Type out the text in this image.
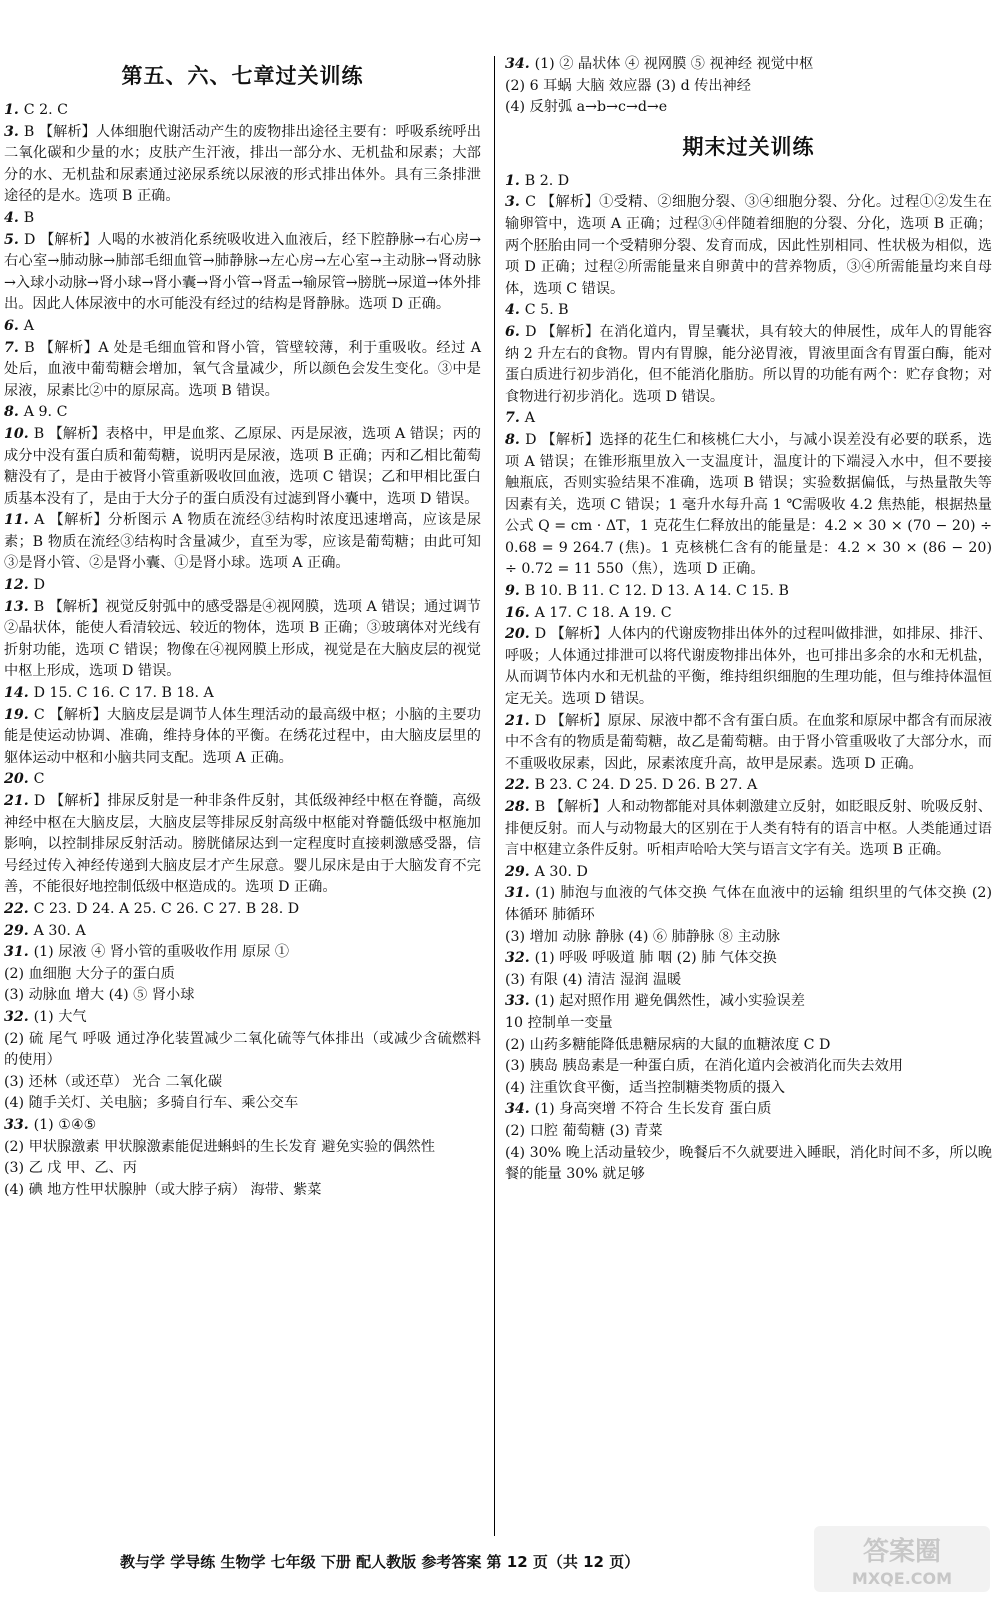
第五、六、七章过关训练

1. C 2. C

3. B 【解析】人体细胞代谢活动产生的废物排出途径主要有：呼吸系统呼出二氧化碳和少量的水；皮肤产生汗液，排出一部分水、无机盐和尿素；大部分的水、无机盐和尿素通过泌尿系统以尿液的形式排出体外。具有三条排泄途径的是水。选项 B 正确。

4. B

5. D 【解析】人喝的水被消化系统吸收进入血液后，经下腔静脉→右心房→右心室→肺动脉→肺部毛细血管→肺静脉→左心房→左心室→主动脉→肾动脉→入球小动脉→肾小球→肾小囊→肾小管→肾盂→输尿管→膀胱→尿道→体外排出。因此人体尿液中的水可能没有经过的结构是肾静脉。选项 D 正确。

6. A

7. B 【解析】A 处是毛细血管和肾小管，管壁较薄，利于重吸收。经过 A 处后，血液中葡萄糖会增加，氧气含量减少，所以颜色会发生变化。③中是尿液，尿素比②中的原尿高。选项 B 错误。

8. A 9. C

10. B 【解析】表格中，甲是血浆、乙原尿、丙是尿液，选项 A 错误；丙的成分中没有蛋白质和葡萄糖，说明丙是尿液，选项 B 正确；丙和乙相比葡萄糖没有了，是由于被肾小管重新吸收回血液，选项 C 错误；乙和甲相比蛋白质基本没有了，是由于大分子的蛋白质没有过滤到肾小囊中，选项 D 错误。

11. A 【解析】分析图示 A 物质在流经③结构时浓度迅速增高，应该是尿素；B 物质在流经③结构时含量减少，直至为零，应该是葡萄糖；由此可知③是肾小管、②是肾小囊、①是肾小球。选项 A 正确。

12. D

13. B 【解析】视觉反射弧中的感受器是④视网膜，选项 A 错误；通过调节②晶状体，能使人看清较远、较近的物体，选项 B 正确；③玻璃体对光线有折射功能，选项 C 错误；物像在④视网膜上形成，视觉是在大脑皮层的视觉中枢上形成，选项 D 错误。

14. D 15. C 16. C 17. B 18. A

19. C 【解析】大脑皮层是调节人体生理活动的最高级中枢；小脑的主要功能是使运动协调、准确，维持身体的平衡。在绣花过程中，由大脑皮层里的躯体运动中枢和小脑共同支配。选项 A 正确。

20. C

21. D 【解析】排尿反射是一种非条件反射，其低级神经中枢在脊髓，高级神经中枢在大脑皮层，大脑皮层等排尿反射高级中枢能对脊髓低级中枢施加影响，以控制排尿反射活动。膀胱储尿达到一定程度时直接刺激感受器，信号经过传入神经传递到大脑皮层才产生尿意。婴儿尿床是由于大脑发育不完善，不能很好地控制低级中枢造成的。选项 D 正确。

22. C 23. D 24. A 25. C 26. C 27. B 28. D

29. A 30. A

31. (1) 尿液 ④ 肾小管的重吸收作用 原尿 ①

(2) 血细胞 大分子的蛋白质

(3) 动脉血 增大 (4) ⑤ 肾小球

32. (1) 大气

(2) 硫 尾气 呼吸 通过净化装置减少二氧化硫等气体排出（或减少含硫燃料的使用）

(3) 还林（或还草） 光合 二氧化碳

(4) 随手关灯、关电脑；多骑自行车、乘公交车

33. (1) ①④⑤

(2) 甲状腺激素 甲状腺激素能促进蝌蚪的生长发育 避免实验的偶然性

(3) 乙 戊 甲、乙、丙

(4) 碘 地方性甲状腺肿（或大脖子病） 海带、紫菜

34. (1) ② 晶状体 ④ 视网膜 ⑤ 视神经 视觉中枢

(2) 6 耳蜗 大脑 效应器 (3) d 传出神经

(4) 反射弧 a→b→c→d→e

期末过关训练

1. B 2. D

3. C 【解析】①受精、②细胞分裂、③④细胞分裂、分化。过程①②发生在输卵管中，选项 A 正确；过程③④伴随着细胞的分裂、分化，选项 B 正确；两个胚胎由同一个受精卵分裂、发育而成，因此性别相同、性状极为相似，选项 D 正确；过程②所需能量来自卵黄中的营养物质，③④所需能量均来自母体，选项 C 错误。

4. C 5. B

6. D 【解析】在消化道内，胃呈囊状，具有较大的伸展性，成年人的胃能容纳 2 升左右的食物。胃内有胃腺，能分泌胃液，胃液里面含有胃蛋白酶，能对蛋白质进行初步消化，但不能消化脂肪。所以胃的功能有两个：贮存食物；对食物进行初步消化。选项 D 错误。

7. A

8. D 【解析】选择的花生仁和核桃仁大小，与减小误差没有必要的联系，选项 A 错误；在锥形瓶里放入一支温度计，温度计的下端浸入水中，但不要接触瓶底，否则实验结果不准确，选项 B 错误；实验数据偏低，与热量散失等因素有关，选项 C 错误；1 毫升水每升高 1 ℃需吸收 4.2 焦热能，根据热量公式 Q = cm · ΔT，1 克花生仁释放出的能量是：4.2 × 30 × (70 − 20) ÷ 0.68 = 9 264.7 (焦)。1 克核桃仁含有的能量是：4.2 × 30 × (86 − 20) ÷ 0.72 = 11 550（焦），选项 D 正确。

9. B 10. B 11. C 12. D 13. A 14. C 15. B

16. A 17. C 18. A 19. C

20. D 【解析】人体内的代谢废物排出体外的过程叫做排泄，如排尿、排汗、呼吸；人体通过排泄可以将代谢废物排出体外，也可排出多余的水和无机盐，从而调节体内水和无机盐的平衡，维持组织细胞的生理功能，但与维持体温恒定无关。选项 D 错误。

21. D 【解析】原尿、尿液中都不含有蛋白质。在血浆和原尿中都含有而尿液中不含有的物质是葡萄糖，故乙是葡萄糖。由于肾小管重吸收了大部分水，而不重吸收尿素，因此，尿素浓度升高，故甲是尿素。选项 D 正确。

22. B 23. C 24. D 25. D 26. B 27. A

28. B 【解析】人和动物都能对具体刺激建立反射，如眨眼反射、吮吸反射、排便反射。而人与动物最大的区别在于人类有特有的语言中枢。人类能通过语言中枢建立条件反射。听相声哈哈大笑与语言文字有关。选项 B 正确。

29. A 30. D

31. (1) 肺泡与血液的气体交换 气体在血液中的运输 组织里的气体交换 (2) 体循环 肺循环

(3) 增加 动脉 静脉 (4) ⑥ 肺静脉 ⑧ 主动脉

32. (1) 呼吸 呼吸道 肺 咽 (2) 肺 气体交换

(3) 有限 (4) 清洁 湿润 温暖

33. (1) 起对照作用 避免偶然性，减小实验误差

10 控制单一变量

(2) 山药多糖能降低患糖尿病的大鼠的血糖浓度 C D

(3) 胰岛 胰岛素是一种蛋白质，在消化道内会被消化而失去效用

(4) 注重饮食平衡，适当控制糖类物质的摄入

34. (1) 身高突增 不符合 生长发育 蛋白质

(2) 口腔 葡萄糖 (3) 青菜

(4) 30% 晚上活动量较少，晚餐后不久就要进入睡眠，消化时间不多，所以晚餐的能量 30% 就足够

教与学 学导练 生物学 七年级 下册 配人教版 参考答案 第 12 页（共 12 页）	答案圈
MXQE.COM
